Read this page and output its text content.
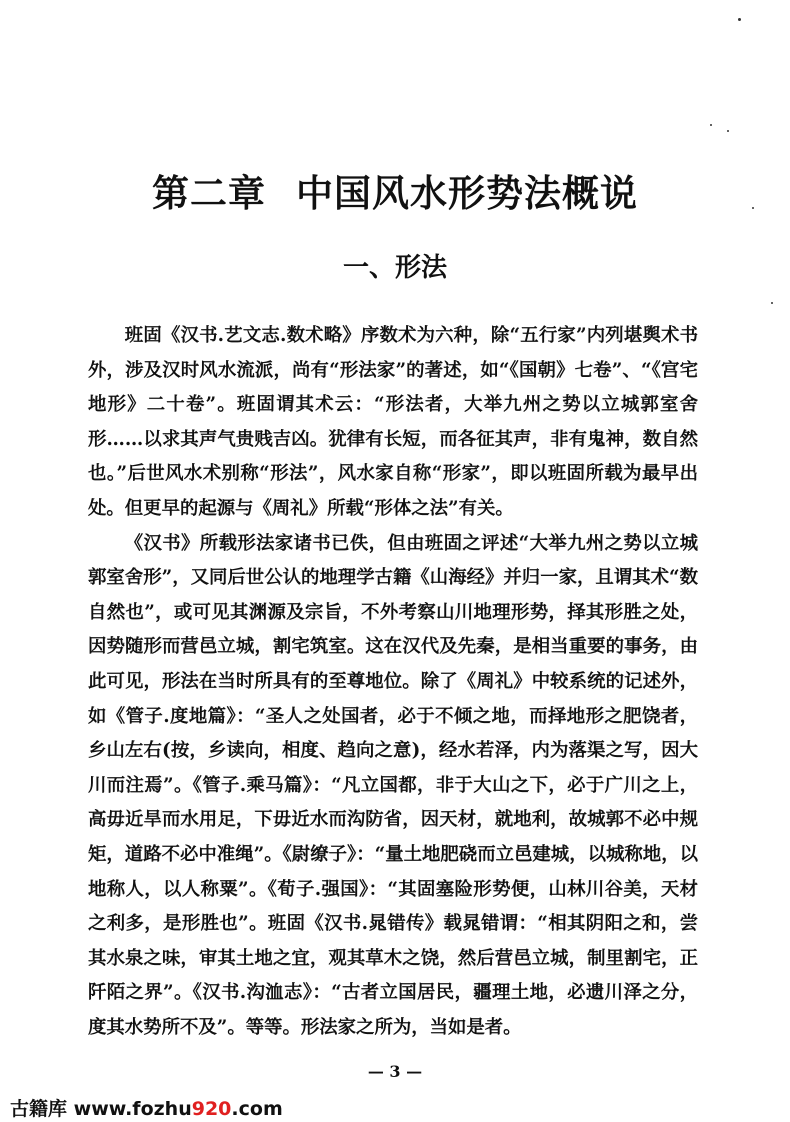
第二章 中国风水形势法概说
一、形法

班固《汉书.艺文志.数术略》序数术为六种，除“五行家”内列堪舆术书外，涉及汉时风水流派，尚有“形法家”的著述，如“《国朝》七卷”、“《宫宅地形》二十卷”。班固谓其术云：“形法者，大举九州之势以立城郭室舍形……以求其声气贵贱吉凶。犹律有长短，而各征其声，非有鬼神，数自然也。”后世风水术别称“形法”，风水家自称“形家”，即以班固所载为最早出处。但更早的起源与《周礼》所载“形体之法”有关。

《汉书》所载形法家诸书已佚，但由班固之评述“大举九州之势以立城郭室舍形”，又同后世公认的地理学古籍《山海经》并归一家，且谓其术“数自然也”，或可见其渊源及宗旨，不外考察山川地理形势，择其形胜之处，因势随形而营邑立城，割宅筑室。这在汉代及先秦，是相当重要的事务，由此可见，形法在当时所具有的至尊地位。除了《周礼》中较系统的记述外，如《管子.度地篇》：“圣人之处国者，必于不倾之地，而择地形之肥饶者，乡山左右(按，乡读向，相度、趋向之意)，经水若泽，内为落渠之写，因大川而注焉”。《管子.乘马篇》：“凡立国都，非于大山之下，必于广川之上，高毋近旱而水用足，下毋近水而沟防省，因天材，就地利，故城郭不必中规矩，道路不必中准绳”。《尉缭子》：“量土地肥硗而立邑建城，以城称地，以地称人，以人称粟”。《荀子.强国》：“其固塞险形势便，山林川谷美，天材之利多，是形胜也”。班固《汉书.晁错传》载晁错谓：“相其阴阳之和，尝其水泉之味，审其土地之宜，观其草木之饶，然后营邑立城，制里割宅，正阡陌之界”。《汉书.沟洫志》：“古者立国居民，疆理土地，必遗川泽之分，度其水势所不及”。等等。形法家之所为，当如是者。

— 3 —
古籍库 www.fozhu920.com
